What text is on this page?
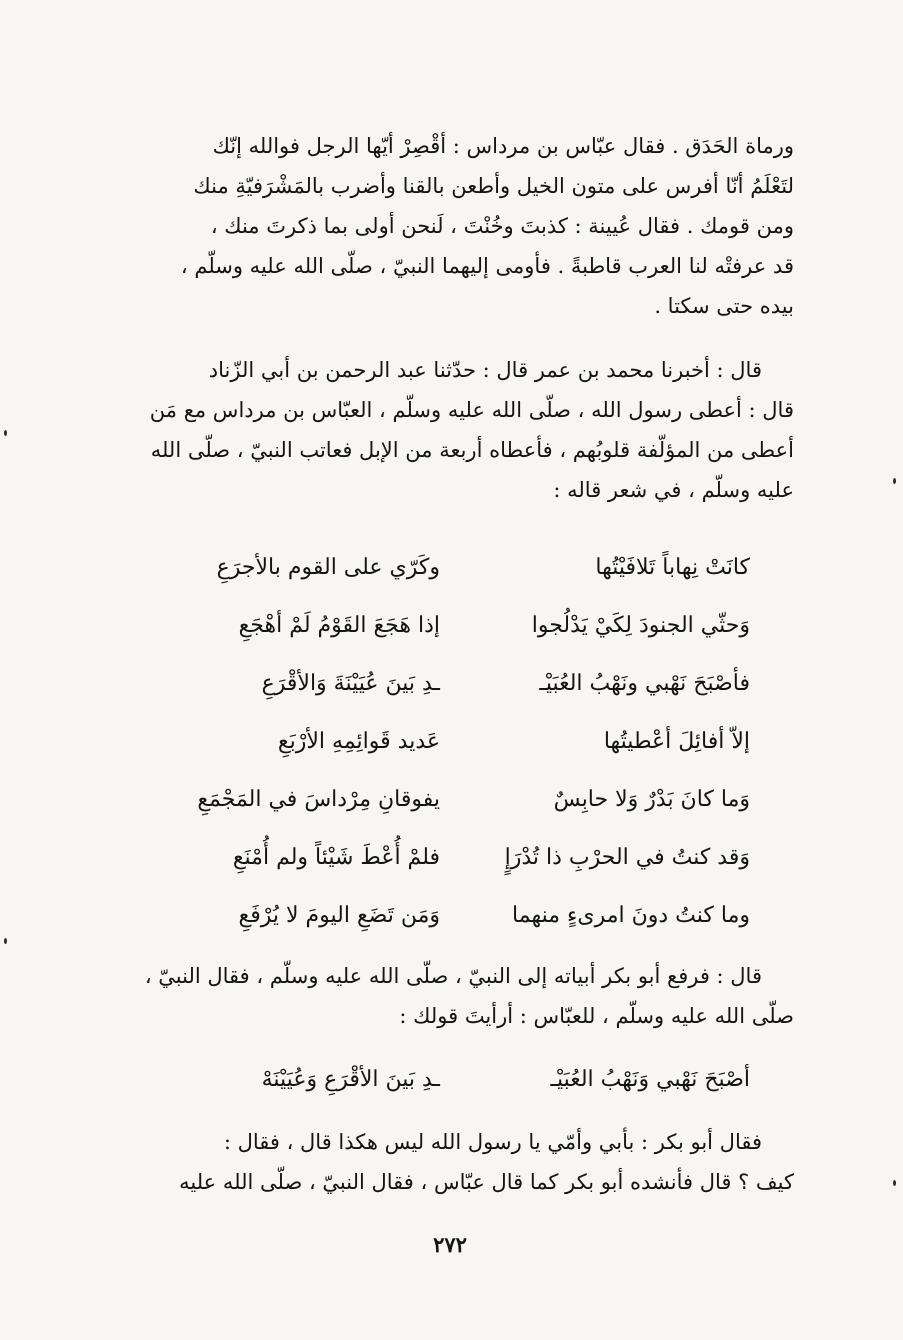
ورماة الحَدَق . فقال عبّاس بن مرداس : أقْصِرْ أيّها الرجل فوالله إنّك

لتَعْلَمُ أنّا أفرس على متون الخيل وأطعن بالقنا وأضرب بالمَشْرَفيّةِ منك

ومن قومك . فقال عُيينة : كذبتَ وخُنْتَ ، لَنحن أولى بما ذكرتَ منك ،

قد عرفتْه لنا العرب قاطبةً . فأومى إليهما النبيّ ، صلّى الله عليه وسلّم ،

بيده حتى سكتا .

قال : أخبرنا محمد بن عمر قال : حدّثنا عبد الرحمن بن أبي الزّناد

قال : أعطى رسول الله ، صلّى الله عليه وسلّم ، العبّاس بن مرداس مع مَن

أعطى من المؤلّفة قلوبُهم ، فأعطاه أربعة من الإبل فعاتب النبيّ ، صلّى الله

عليه وسلّم ، في شعر قاله :

كانَتْ نِهاباً تَلافَيْتُها
وكَرّي على القوم بالأجرَعِ
وَحثّي الجنودَ لِكَيْ يَدْلُجوا
إذا هَجَعَ القَوْمُ لَمْ أهْجَعِ
فأصْبَحَ نَهْبي ونَهْبُ العُبَيْـ
ـدِ بَينَ عُيَيْنَةَ وَالأقْرَعِ
إلاّ أفائِلَ أعْطيتُها
عَديد قَوائِمِهِ الأرْبَعِ
وَما كانَ بَدْرٌ وَلا حابِسٌ
يفوقانِ مِرْداسَ في المَجْمَعِ
وَقد كنتُ في الحرْبِ ذا تُدْرَإٍ
فلمْ أُعْطَ شَيْئاً ولم أُمْنَعِ
وما كنتُ دونَ امرىءٍ منهما
وَمَن تَضَعِ اليومَ لا يُرْفَعِ

قال : فرفع أبو بكر أبياته إلى النبيّ ، صلّى الله عليه وسلّم ، فقال النبيّ ،

صلّى الله عليه وسلّم ، للعبّاس : أرأيتَ قولك :

أصْبَحَ نَهْبي وَنَهْبُ العُبَيْـ
ـدِ بَينَ الأقْرَعِ وَعُيَيْنَهْ

فقال أبو بكر : بأبي وأمّي يا رسول الله ليس هكذا قال ، فقال :

كيف ؟ قال فأنشده أبو بكر كما قال عبّاس ، فقال النبيّ ، صلّى الله عليه

٢٧٢
